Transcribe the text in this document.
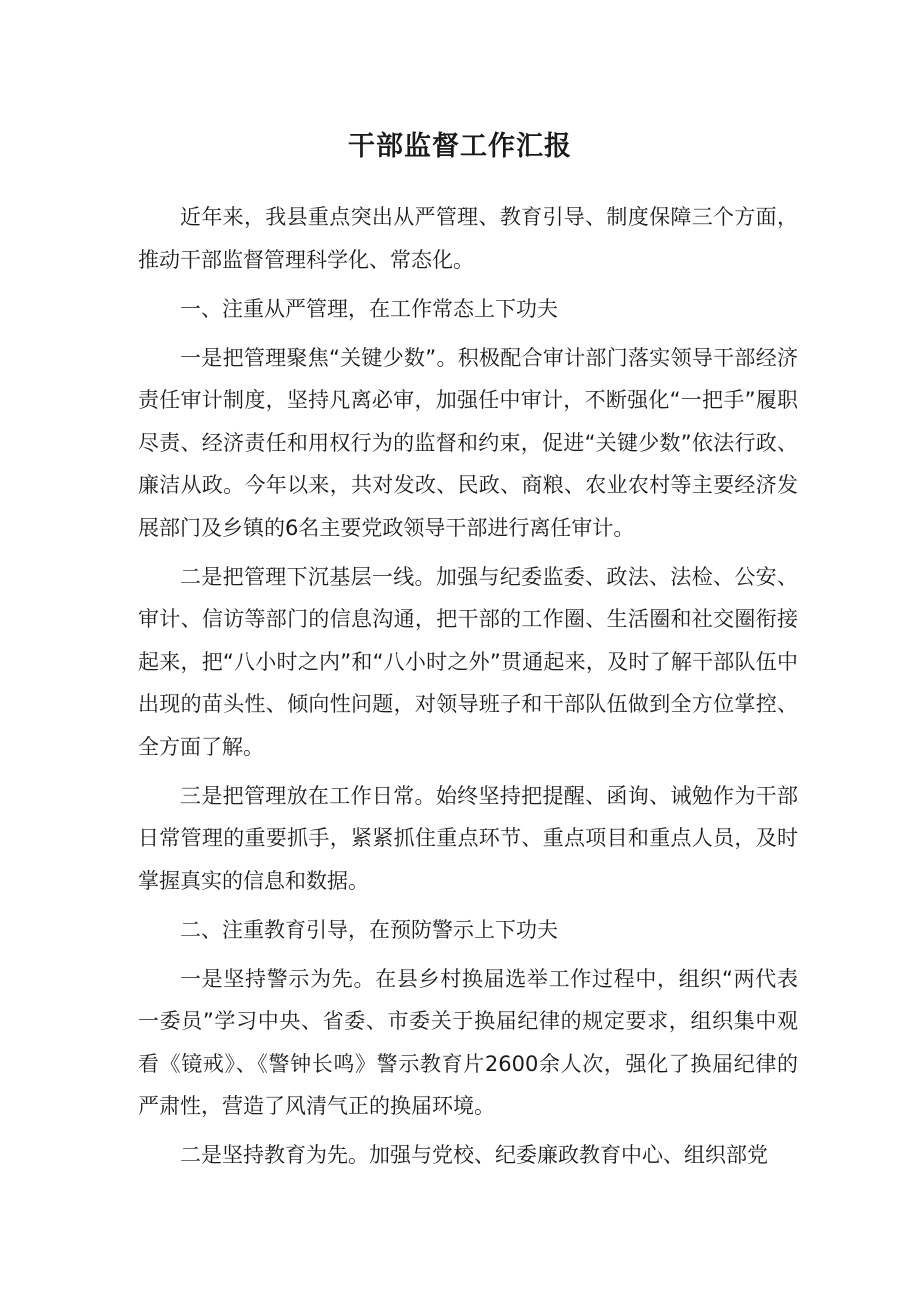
干部监督工作汇报

近年来，我县重点突出从严管理、教育引导、制度保障三个方面，推动干部监督管理科学化、常态化。

一、注重从严管理，在工作常态上下功夫

一是把管理聚焦“关键少数”。积极配合审计部门落实领导干部经济责任审计制度，坚持凡离必审，加强任中审计，不断强化“一把手”履职尽责、经济责任和用权行为的监督和约束，促进“关键少数”依法行政、廉洁从政。今年以来，共对发改、民政、商粮、农业农村等主要经济发展部门及乡镇的6名主要党政领导干部进行离任审计。

二是把管理下沉基层一线。加强与纪委监委、政法、法检、公安、审计、信访等部门的信息沟通，把干部的工作圈、生活圈和社交圈衔接起来，把“八小时之内”和“八小时之外”贯通起来，及时了解干部队伍中出现的苗头性、倾向性问题，对领导班子和干部队伍做到全方位掌控、全方面了解。

三是把管理放在工作日常。始终坚持把提醒、函询、诫勉作为干部日常管理的重要抓手，紧紧抓住重点环节、重点项目和重点人员，及时掌握真实的信息和数据。

二、注重教育引导，在预防警示上下功夫

一是坚持警示为先。在县乡村换届选举工作过程中，组织“两代表一委员”学习中央、省委、市委关于换届纪律的规定要求，组织集中观看《镜戒》、《警钟长鸣》警示教育片2600余人次，强化了换届纪律的严肃性，营造了风清气正的换届环境。

二是坚持教育为先。加强与党校、纪委廉政教育中心、组织部党
